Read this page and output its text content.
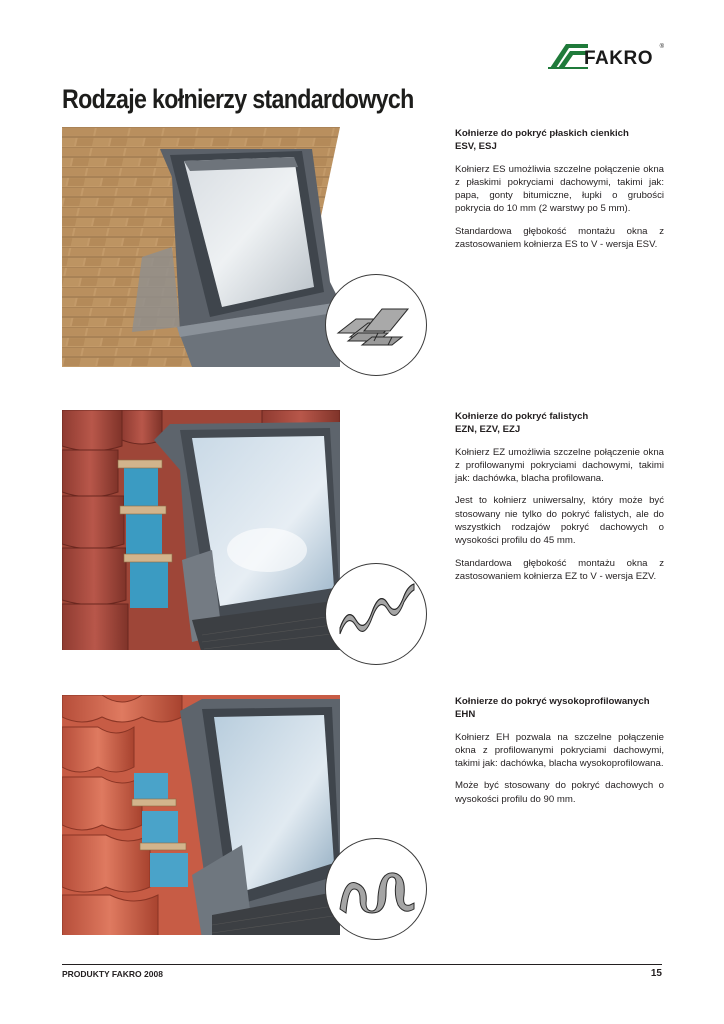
FAKRO
®
Rodzaje kołnierzy standardowych
Kołnierze do pokryć płaskich cienkich
ESV, ESJ

Kołnierz ES umożliwia szczelne połączenie okna z płaskimi pokryciami dachowymi, takimi jak: papa, gonty bitumiczne, łupki o grubości pokrycia do 10 mm (2 warstwy po 5 mm).

Standardowa głębokość montażu okna z zastosowaniem kołnierza ES to V - wersja ESV.

Kołnierze do pokryć falistych
EZN, EZV, EZJ

Kołnierz EZ umożliwia szczelne połączenie okna z profilowanymi pokryciami dachowymi, takimi jak: dachówka, blacha profilowana.

Jest to kołnierz uniwersalny, który może być stosowany nie tylko do pokryć falistych, ale do wszystkich rodzajów pokryć dachowych o wysokości profilu do 45 mm.

Standardowa głębokość montażu okna z zastosowaniem kołnierza EZ to V - wersja EZV.

Kołnierze do pokryć wysokoprofilowanych
EHN

Kołnierz EH pozwala na szczelne połączenie okna z profilowanymi pokryciami dachowymi, takimi jak: dachówka, blacha wysokoprofilowana.

Może być stosowany do pokryć dachowych o wysokości profilu do 90 mm.

PRODUKTY FAKRO 2008	15
